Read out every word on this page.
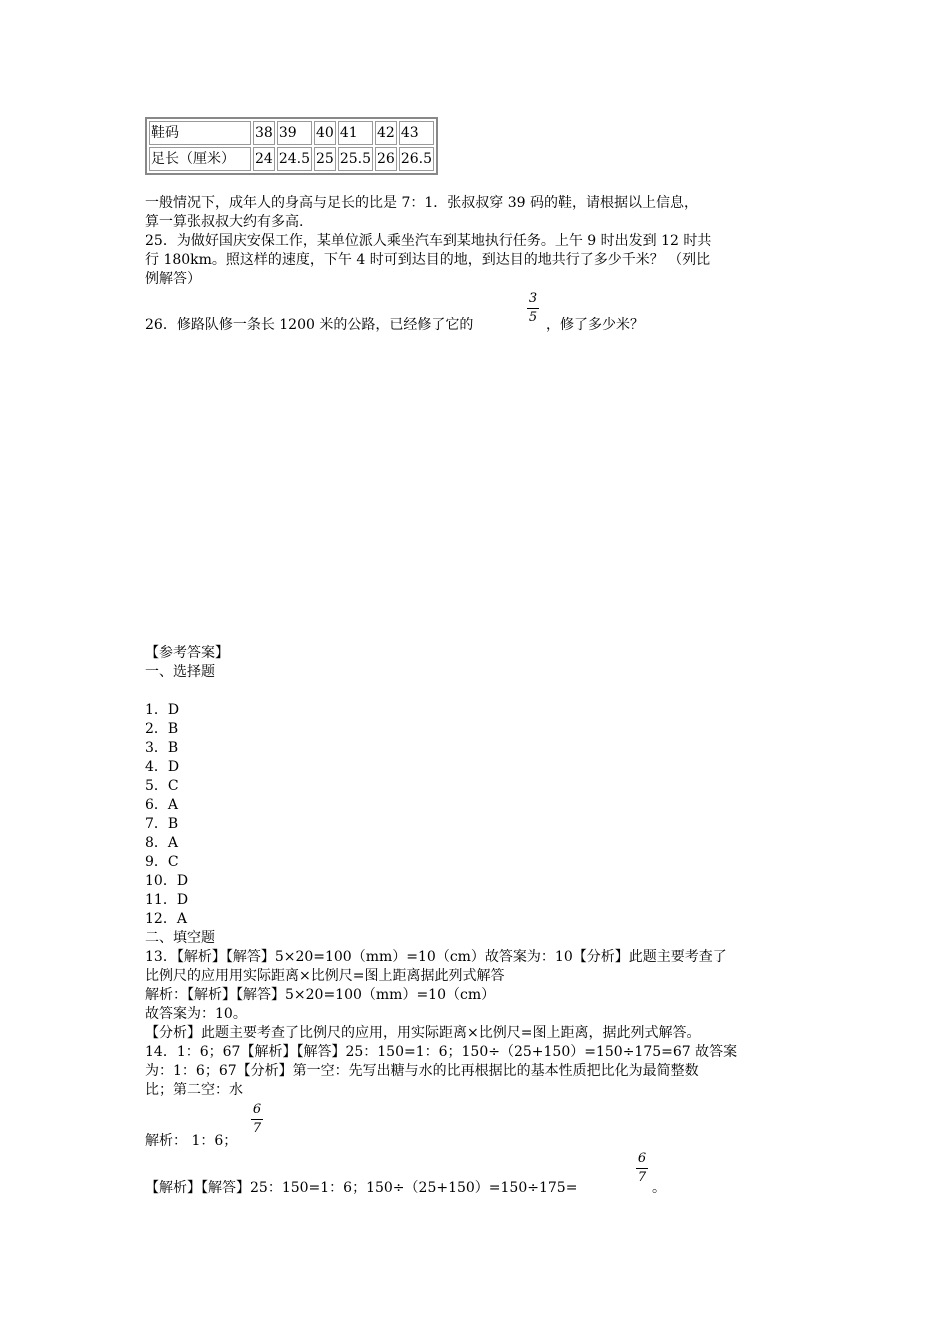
鞋码	38	39	40	41	42	43
足长（厘米）	24	24.5	25	25.5	26	26.5
一般情况下，成年人的身高与足长的比是 7：1．张叔叔穿 39 码的鞋，请根据以上信息，
算一算张叔叔大约有多高.
25．为做好国庆安保工作，某单位派人乘坐汽车到某地执行任务。上午 9 时出发到 12 时共
行 180km。照这样的速度，下午 4 时可到达目的地，到达目的地共行了多少千米？ （列比
例解答）
26．修路队修一条长 1200 米的公路，已经修了它的
3
5 ，修了多少米？
【参考答案】
一、选择题
1．D
2．B
3．B
4．D
5．C
6．A
7．B
8．A
9．C
10．D
11．D
12．A
二、填空题
13．【解析】【解答】5×20=100（mm）=10（cm）故答案为：10【分析】此题主要考查了
比例尺的应用用实际距离×比例尺=图上距离据此列式解答
解析：【解析】【解答】5×20=100（mm）=10（cm）
故答案为：10。
【分析】此题主要考查了比例尺的应用，用实际距离×比例尺=图上距离，据此列式解答。
14．1：6；67【解析】【解答】25：150=1：6；150÷（25+150）=150÷175=67 故答案
为：1：6；67【分析】第一空：先写出糖与水的比再根据比的基本性质把比化为最简整数
比；第二空：水
6
7
解析： 1：6；
【解析】【解答】25：150=1：6；150÷（25+150）=150÷175=
6
7
。
